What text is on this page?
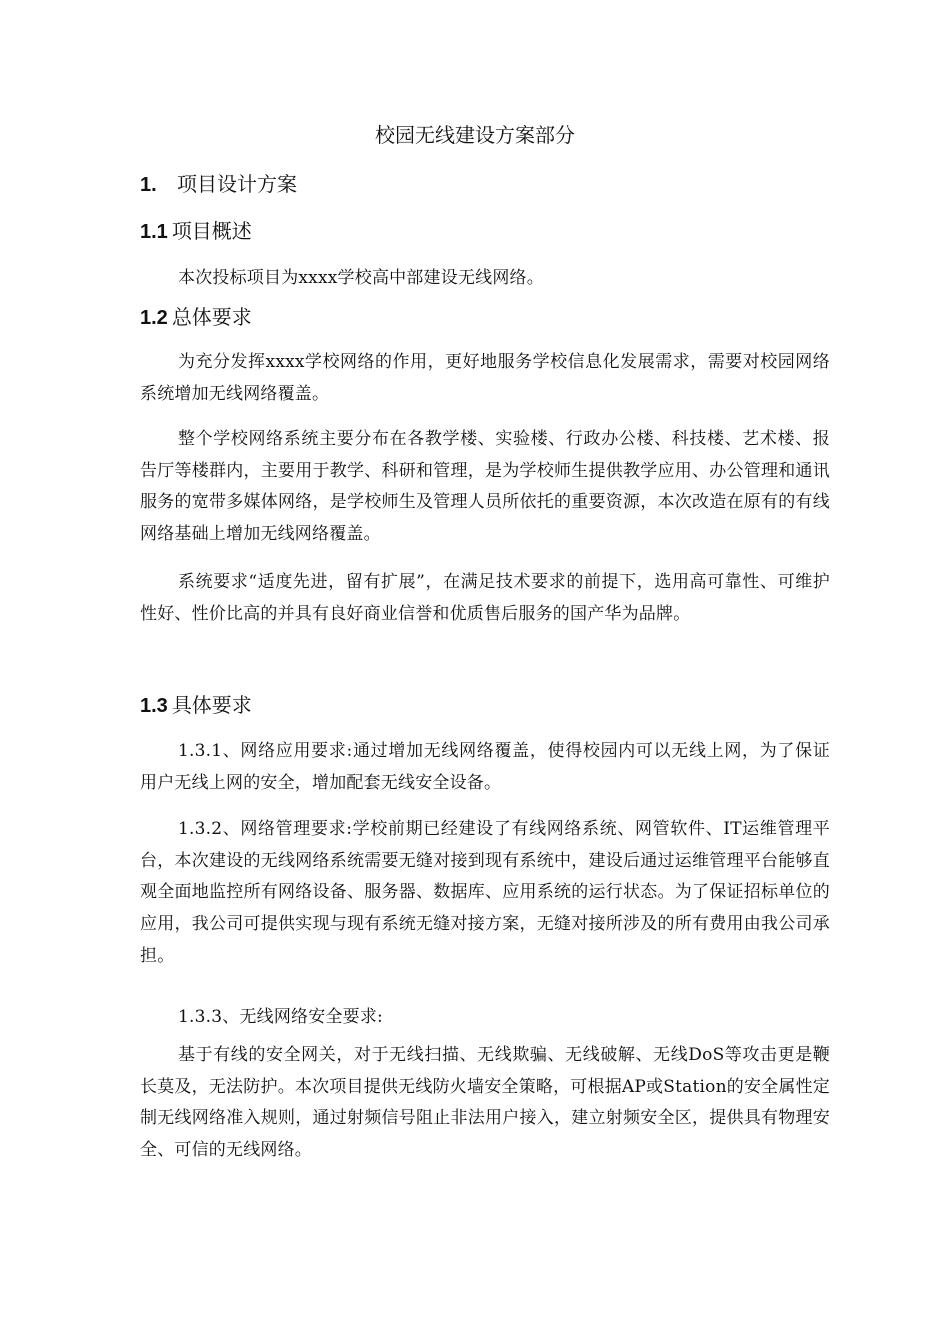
校园无线建设方案部分
1. 项目设计方案
1.1 项目概述
本次投标项目为xxxx学校高中部建设无线网络。
1.2 总体要求
为充分发挥xxxx学校网络的作用，更好地服务学校信息化发展需求，需要对校园网络系统增加无线网络覆盖。
整个学校网络系统主要分布在各教学楼、实验楼、行政办公楼、科技楼、艺术楼、报告厅等楼群内，主要用于教学、科研和管理，是为学校师生提供教学应用、办公管理和通讯服务的宽带多媒体网络，是学校师生及管理人员所依托的重要资源，本次改造在原有的有线网络基础上增加无线网络覆盖。
系统要求“适度先进，留有扩展”，在满足技术要求的前提下，选用高可靠性、可维护性好、性价比高的并具有良好商业信誉和优质售后服务的国产华为品牌。
1.3 具体要求
1.3.1、网络应用要求:通过增加无线网络覆盖，使得校园内可以无线上网，为了保证用户无线上网的安全，增加配套无线安全设备。
1.3.2、网络管理要求:学校前期已经建设了有线网络系统、网管软件、IT运维管理平台，本次建设的无线网络系统需要无缝对接到现有系统中，建设后通过运维管理平台能够直观全面地监控所有网络设备、服务器、数据库、应用系统的运行状态。为了保证招标单位的应用，我公司可提供实现与现有系统无缝对接方案，无缝对接所涉及的所有费用由我公司承担。
1.3.3、无线网络安全要求:
基于有线的安全网关，对于无线扫描、无线欺骗、无线破解、无线DoS等攻击更是鞭长莫及，无法防护。本次项目提供无线防火墙安全策略，可根据AP或Station的安全属性定制无线网络准入规则，通过射频信号阻止非法用户接入，建立射频安全区，提供具有物理安全、可信的无线网络。
